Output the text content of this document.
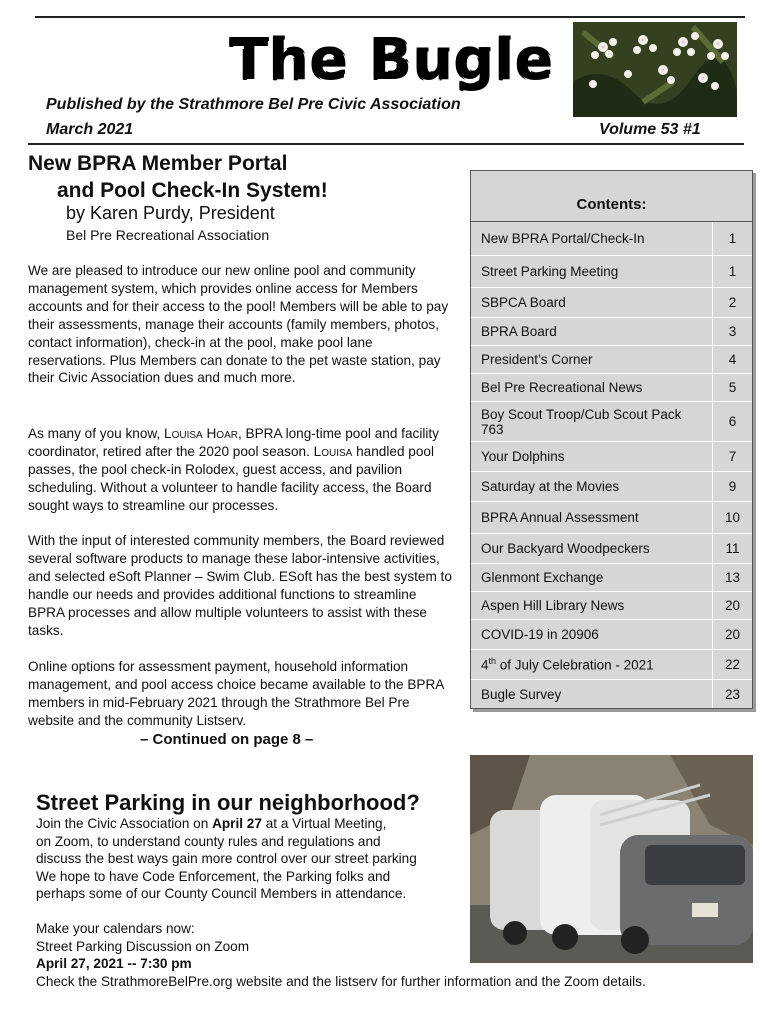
The Bugle
Published by the Strathmore Bel Pre Civic Association
March 2021	Volume 53 #1
New BPRA Member Portal
and Pool Check-In System!
by Karen Purdy, President
Bel Pre Recreational Association

We are pleased to introduce our new online pool and community management system, which provides online access for Members accounts and for their access to the pool! Members will be able to pay their assessments, manage their accounts (family members, photos, contact information), check-in at the pool, make pool lane reservations. Plus Members can donate to the pet waste station, pay their Civic Association dues and much more.

As many of you know, Louisa Hoar, BPRA long-time pool and facility coordinator, retired after the 2020 pool season. Louisa handled pool passes, the pool check-in Rolodex, guest access, and pavilion scheduling. Without a volunteer to handle facility access, the Board sought ways to streamline our processes.

With the input of interested community members, the Board reviewed several software products to manage these labor-intensive activities, and selected eSoft Planner – Swim Club. ESoft has the best system to handle our needs and provides additional functions to streamline BPRA processes and allow multiple volunteers to assist with these tasks.

Online options for assessment payment, household information management, and pool access choice became available to the BPRA members in mid-February 2021 through the Strathmore Bel Pre website and the community Listserv.

– Continued on page 8 –
Contents:
New BPRA Portal/Check-In	1
Street Parking Meeting	1
SBPCA Board	2
BPRA Board	3
President’s Corner	4
Bel Pre Recreational News	5
Boy Scout Troop/Cub Scout Pack 763	6
Your Dolphins	7
Saturday at the Movies	9
BPRA Annual Assessment	10
Our Backyard Woodpeckers	11
Glenmont Exchange	13
Aspen Hill Library News	20
COVID-19 in 20906	20
4th of July Celebration - 2021	22
Bugle Survey	23
Street Parking in our neighborhood?

Join the Civic Association on April 27 at a Virtual Meeting,

on Zoom, to understand county rules and regulations and

discuss the best ways gain more control over our street parking

We hope to have Code Enforcement, the Parking folks and

perhaps some of our County Council Members in attendance.

Make your calendars now:

Street Parking Discussion on Zoom

April 27, 2021 -- 7:30 pm

Check the StrathmoreBelPre.org website and the listserv for further information and the Zoom details.
